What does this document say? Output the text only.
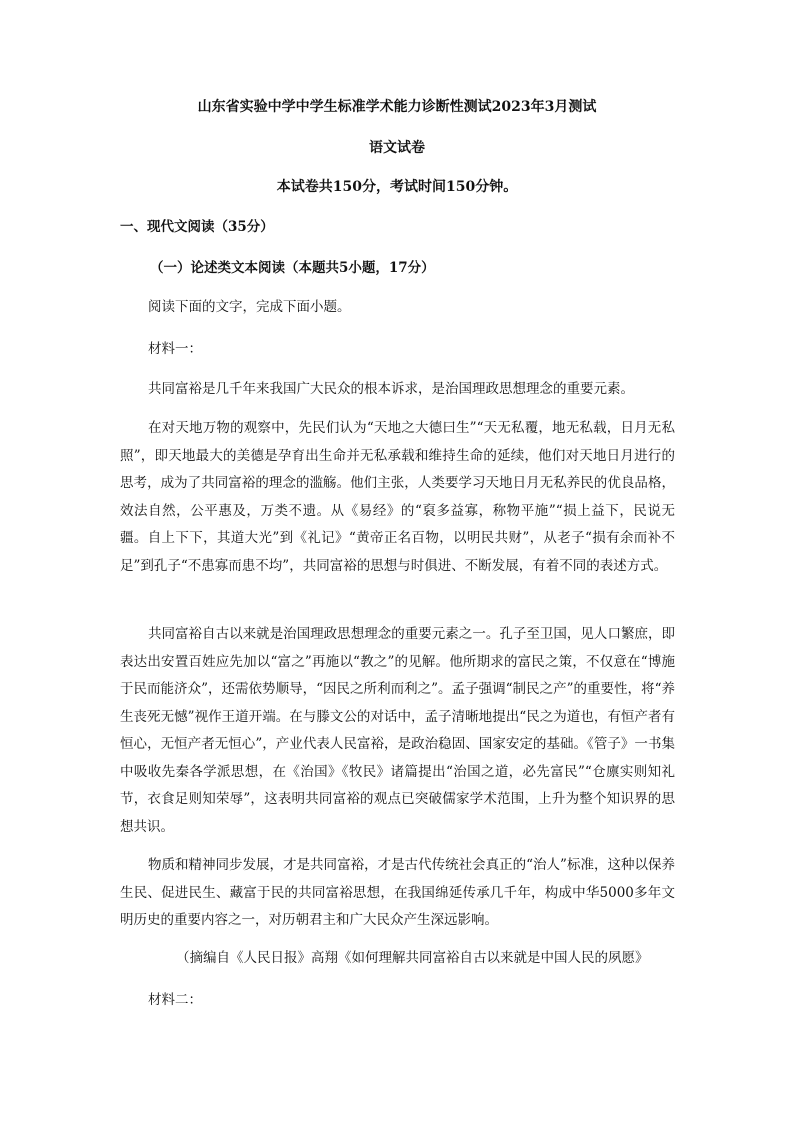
山东省实验中学中学生标准学术能力诊断性测试2023年3月测试
语文试卷
本试卷共150分，考试时间150分钟。
一、现代文阅读（35分）
（一）论述类文本阅读（本题共5小题，17分）
阅读下面的文字，完成下面小题。
材料一：
共同富裕是几千年来我国广大民众的根本诉求，是治国理政思想理念的重要元素。
在对天地万物的观察中，先民们认为“天地之大德曰生”“天无私覆，地无私载，日月无私照”，即天地最大的美德是孕育出生命并无私承载和维持生命的延续，他们对天地日月进行的思考，成为了共同富裕的理念的滥觞。他们主张，人类要学习天地日月无私养民的优良品格，效法自然，公平惠及，万类不遗。从《易经》的“裒多益寡，称物平施”“损上益下，民说无疆。自上下下，其道大光”到《礼记》“黄帝正名百物，以明民共财”，从老子“损有余而补不足”到孔子“不患寡而患不均”，共同富裕的思想与时俱进、不断发展，有着不同的表述方式。
共同富裕自古以来就是治国理政思想理念的重要元素之一。孔子至卫国，见人口繁庶，即表达出安置百姓应先加以“富之”再施以“教之”的见解。他所期求的富民之策，不仅意在“博施于民而能济众”，还需依势顺导，“因民之所利而利之”。孟子强调“制民之产”的重要性，将“养生丧死无憾”视作王道开端。在与滕文公的对话中，孟子清晰地提出“民之为道也，有恒产者有恒心，无恒产者无恒心”，产业代表人民富裕，是政治稳固、国家安定的基础。《管子》一书集中吸收先秦各学派思想，在《治国》《牧民》诸篇提出“治国之道，必先富民”“仓廪实则知礼节，衣食足则知荣辱”，这表明共同富裕的观点已突破儒家学术范围，上升为整个知识界的思想共识。
物质和精神同步发展，才是共同富裕，才是古代传统社会真正的“治人”标准，这种以保养生民、促进民生、藏富于民的共同富裕思想，在我国绵延传承几千年，构成中华5000多年文明历史的重要内容之一，对历朝君主和广大民众产生深远影响。
（摘编自《人民日报》高翔《如何理解共同富裕自古以来就是中国人民的夙愿》
材料二：
